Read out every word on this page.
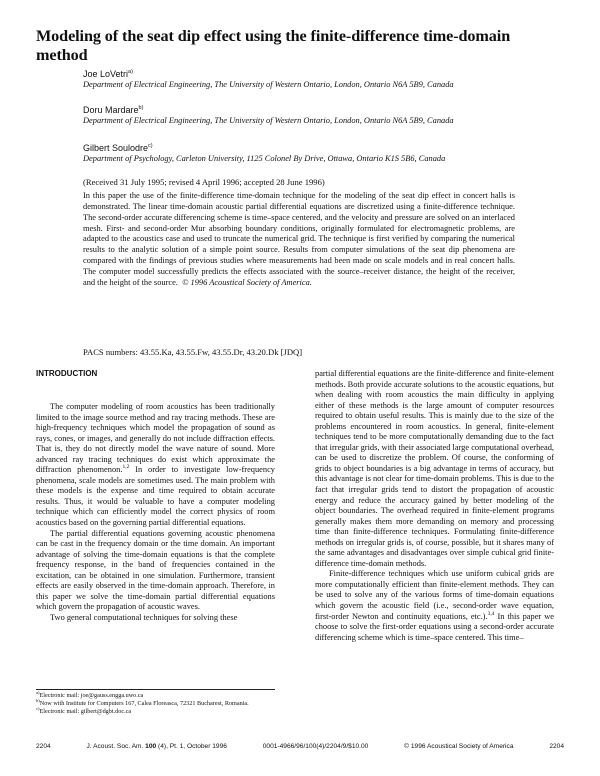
Modeling of the seat dip effect using the finite-difference time-domain method
Joe LoVetri$^{a)}$
Department of Electrical Engineering, The University of Western Ontario, London, Ontario N6A 5B9, Canada
Doru Mardare$^{b)}$
Department of Electrical Engineering, The University of Western Ontario, London, Ontario N6A 5B9, Canada
Gilbert Soulodre$^{c)}$
Department of Psychology, Carleton University, 1125 Colonel By Drive, Ottawa, Ontario K1S 5B6, Canada
(Received 31 July 1995; revised 4 April 1996; accepted 28 June 1996)
In this paper the use of the finite-difference time-domain technique for the modeling of the seat dip effect in concert halls is demonstrated. The linear time-domain acoustic partial differential equations are discretized using a finite-difference technique. The second-order accurate differencing scheme is time–space centered, and the velocity and pressure are solved on an interlaced mesh. First- and second-order Mur absorbing boundary conditions, originally formulated for electromagnetic problems, are adapted to the acoustics case and used to truncate the numerical grid. The technique is first verified by comparing the numerical results to the analytic solution of a simple point source. Results from computer simulations of the seat dip phenomena are compared with the findings of previous studies where measurements had been made on scale models and in real concert halls. The computer model successfully predicts the effects associated with the source–receiver distance, the height of the receiver, and the height of the source. © 1996 Acoustical Society of America.
PACS numbers: 43.55.Ka, 43.55.Fw, 43.55.Dr, 43.20.Dk [JDQ]
INTRODUCTION

The computer modeling of room acoustics has been traditionally limited to the image source method and ray tracing methods. These are high-frequency techniques which model the propagation of sound as rays, cones, or images, and generally do not include diffraction effects. That is, they do not directly model the wave nature of sound. More advanced ray tracing techniques do exist which approximate the diffraction phenomenon.$^{1,2}$ In order to investigate low-frequency phenomena, scale models are sometimes used. The main problem with these models is the expense and time required to obtain accurate results. Thus, it would be valuable to have a computer modeling technique which can efficiently model the correct physics of room acoustics based on the governing partial differential equations.

The partial differential equations governing acoustic phenomena can be cast in the frequency domain or the time domain. An important advantage of solving the time-domain equations is that the complete frequency response, in the band of frequencies contained in the excitation, can be obtained in one simulation. Furthermore, transient effects are easily observed in the time-domain approach. Therefore, in this paper we solve the time-domain partial differential equations which govern the propagation of acoustic waves.

Two general computational techniques for solving these

partial differential equations are the finite-difference and finite-element methods. Both provide accurate solutions to the acoustic equations, but when dealing with room acoustics the main difficulty in applying either of these methods is the large amount of computer resources required to obtain useful results. This is mainly due to the size of the problems encountered in room acoustics. In general, finite-element techniques tend to be more computationally demanding due to the fact that irregular grids, with their associated large computational overhead, can be used to discretize the problem. Of course, the conforming of grids to object boundaries is a big advantage in terms of accuracy, but this advantage is not clear for time-domain problems. This is due to the fact that irregular grids tend to distort the propagation of acoustic energy and reduce the accuracy gained by better modeling of the object boundaries. The overhead required in finite-element programs generally makes them more demanding on memory and processing time than finite-difference techniques. Formulating finite-difference methods on irregular grids is, of course, possible, but it shares many of the same advantages and disadvantages over simple cubical grid finite-difference time-domain methods.

Finite-difference techniques which use uniform cubical grids are more computationally efficient than finite-element methods. They can be used to solve any of the various forms of time-domain equations which govern the acoustic field (i.e., second-order wave equation, first-order Newton and continuity equations, etc.).$^{3,4}$ In this paper we choose to solve the first-order equations using a second-order accurate differencing scheme which is time–space centered. This time–

$^{a)}$Electronic mail: joe@gauss.engga.uwo.ca
$^{b)}$Now with Institute for Computers 167, Calea Floreasca, 72321 Bucharest, Romania.
$^{c)}$Electronic mail: gilbert@dgbt.doc.ca
2204	J. Acoust. Soc. Am. 100 (4), Pt. 1, October 1996	0001-4966/96/100(4)/2204/9/$10.00	© 1996 Acoustical Society of America	2204
